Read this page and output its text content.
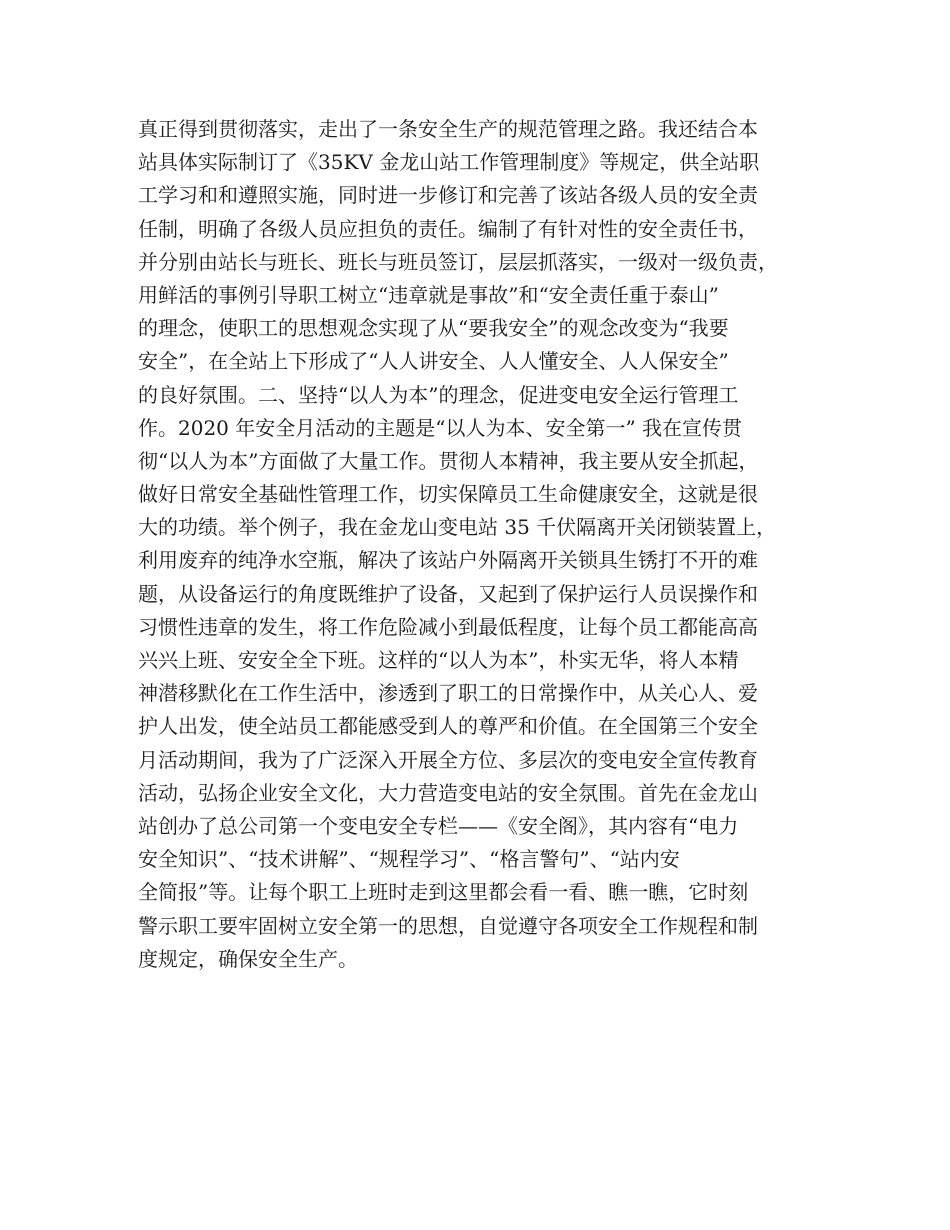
真正得到贯彻落实，走出了一条安全生产的规范管理之路。我还结合本
站具体实际制订了《35KV 金龙山站工作管理制度》等规定，供全站职
工学习和和遵照实施，同时进一步修订和完善了该站各级人员的安全责
任制，明确了各级人员应担负的责任。编制了有针对性的安全责任书，
并分别由站长与班长、班长与班员签订，层层抓落实，一级对一级负责，
用鲜活的事例引导职工树立“违章就是事故”和“安全责任重于泰山”
的理念，使职工的思想观念实现了从“要我安全”的观念改变为“我要
安全”，在全站上下形成了“人人讲安全、人人懂安全、人人保安全”
的良好氛围。二、坚持“以人为本”的理念，促进变电安全运行管理工
作。2020 年安全月活动的主题是“以人为本、安全第一” 我在宣传贯
彻“以人为本”方面做了大量工作。贯彻人本精神，我主要从安全抓起，
做好日常安全基础性管理工作，切实保障员工生命健康安全，这就是很
大的功绩。举个例子，我在金龙山变电站 35 千伏隔离开关闭锁装置上，
利用废弃的纯净水空瓶，解决了该站户外隔离开关锁具生锈打不开的难
题，从设备运行的角度既维护了设备，又起到了保护运行人员误操作和
习惯性违章的发生，将工作危险减小到最低程度，让每个员工都能高高
兴兴上班、安安全全下班。这样的“以人为本”，朴实无华，将人本精
神潜移默化在工作生活中，渗透到了职工的日常操作中，从关心人、爱
护人出发，使全站员工都能感受到人的尊严和价值。在全国第三个安全
月活动期间，我为了广泛深入开展全方位、多层次的变电安全宣传教育
活动，弘扬企业安全文化，大力营造变电站的安全氛围。首先在金龙山
站创办了总公司第一个变电安全专栏——《安全阁》，其内容有“电力
安全知识”、“技术讲解”、“规程学习”、“格言警句”、“站内安
全简报”等。让每个职工上班时走到这里都会看一看、瞧一瞧，它时刻
警示职工要牢固树立安全第一的思想，自觉遵守各项安全工作规程和制
度规定，确保安全生产。
